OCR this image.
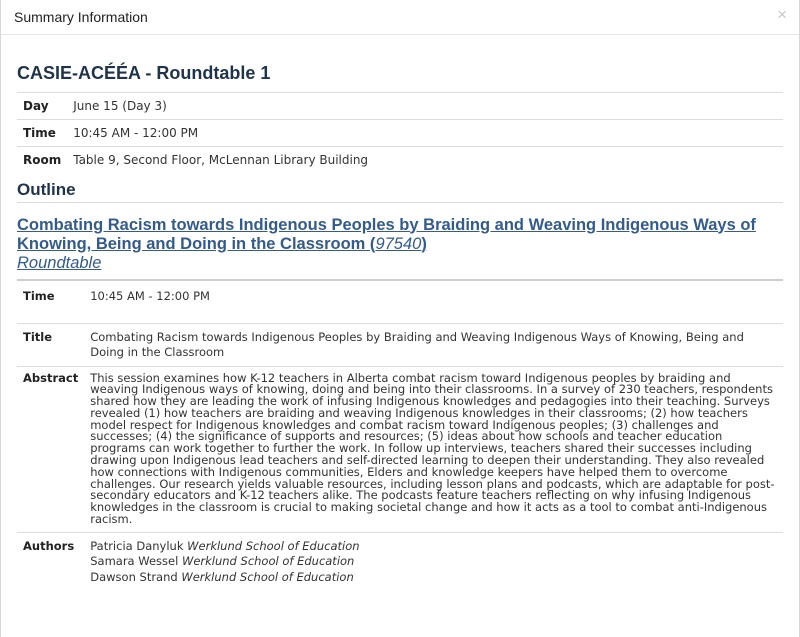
Summary Information	×
CASIE-ACÉÉA - Roundtable 1
Day	June 15 (Day 3)
Time	10:45 AM - 12:00 PM
Room	Table 9, Second Floor, McLennan Library Building
Outline
Combating Racism towards Indigenous Peoples by Braiding and Weaving Indigenous Ways of Knowing, Being and Doing in the Classroom (97540)
Roundtable
Time	10:45 AM - 12:00 PM
Title	Combating Racism towards Indigenous Peoples by Braiding and Weaving Indigenous Ways of Knowing, Being and Doing in the Classroom
Abstract	This session examines how K-12 teachers in Alberta combat racism toward Indigenous peoples by braiding and weaving Indigenous ways of knowing, doing and being into their classrooms. In a survey of 230 teachers, respondents shared how they are leading the work of infusing Indigenous knowledges and pedagogies into their teaching. Surveys revealed (1) how teachers are braiding and weaving Indigenous knowledges in their classrooms; (2) how teachers model respect for Indigenous knowledges and combat racism toward Indigenous peoples; (3) challenges and successes; (4) the significance of supports and resources; (5) ideas about how schools and teacher education programs can work together to further the work. In follow up interviews, teachers shared their successes including drawing upon Indigenous lead teachers and self-directed learning to deepen their understanding. They also revealed how connections with Indigenous communities, Elders and knowledge keepers have helped them to overcome challenges. Our research yields valuable resources, including lesson plans and podcasts, which are adaptable for post-secondary educators and K-12 teachers alike. The podcasts feature teachers reflecting on why infusing Indigenous knowledges in the classroom is crucial to making societal change and how it acts as a tool to combat anti-Indigenous racism.
Authors	Patricia Danyluk Werklund School of Education
Samara Wessel Werklund School of Education
Dawson Strand Werklund School of Education
